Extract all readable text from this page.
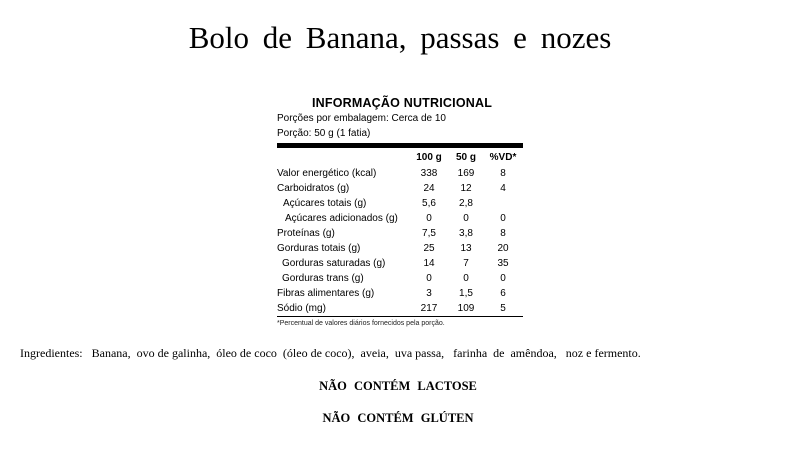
Bolo de Banana, passas e nozes
INFORMAÇÃO NUTRICIONAL
Porções por embalagem: Cerca de 10
Porção: 50 g (1 fatia)
	100 g	50 g	%VD*
Valor energético (kcal)	338	169	8
Carboidratos (g)	24	12	4
Açúcares totais (g)	5,6	2,8	
Açúcares adicionados (g)	0	0	0
Proteínas (g)	7,5	3,8	8
Gorduras totais (g)	25	13	20
Gorduras saturadas (g)	14	7	35
Gorduras trans (g)	0	0	0
Fibras alimentares (g)	3	1,5	6
Sódio (mg)	217	109	5
*Percentual de valores diários fornecidos pela porção.
Ingredientes:   Banana,  ovo de galinha,  óleo de coco  (óleo de coco),  aveia,  uva passa,   farinha  de  amêndoa,   noz e fermento.
NÃO CONTÉM LACTOSE
NÃO CONTÉM GLÚTEN
